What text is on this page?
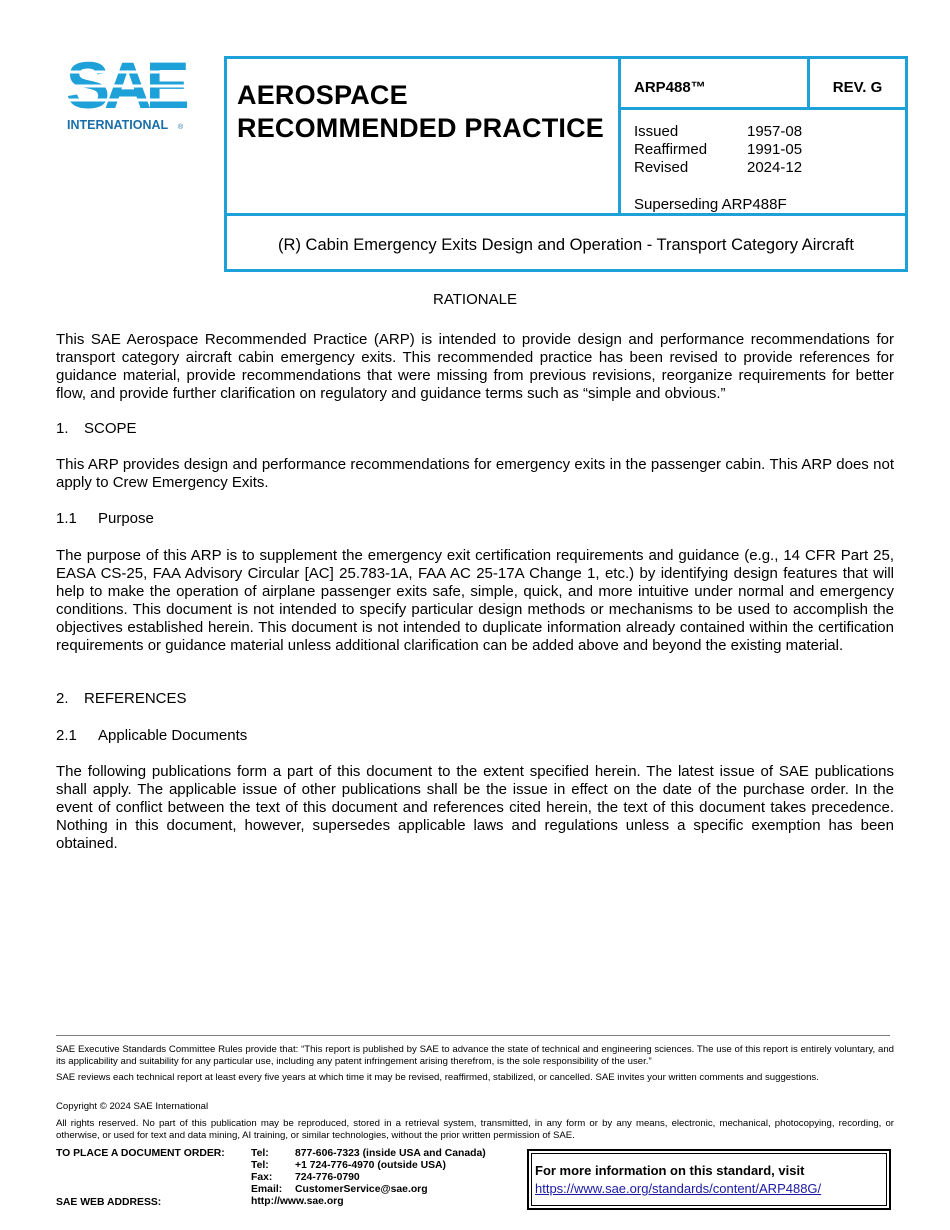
SAE
INTERNATIONAL ®
AEROSPACE
RECOMMENDED PRACTICE
ARP488™	REV. G
Issued	1957-08
Reaffirmed	1991-05
Revised	2024-12
Superseding ARP488F
(R) Cabin Emergency Exits Design and Operation - Transport Category Aircraft
RATIONALE
This SAE Aerospace Recommended Practice (ARP) is intended to provide design and performance recommendations for transport category aircraft cabin emergency exits. This recommended practice has been revised to provide references for guidance material, provide recommendations that were missing from previous revisions, reorganize requirements for better flow, and provide further clarification on regulatory and guidance terms such as “simple and obvious.”
1. SCOPE
This ARP provides design and performance recommendations for emergency exits in the passenger cabin. This ARP does not apply to Crew Emergency Exits.
1.1 Purpose
The purpose of this ARP is to supplement the emergency exit certification requirements and guidance (e.g., 14 CFR Part 25, EASA CS-25, FAA Advisory Circular [AC] 25.783-1A, FAA AC 25-17A Change 1, etc.) by identifying design features that will help to make the operation of airplane passenger exits safe, simple, quick, and more intuitive under normal and emergency conditions. This document is not intended to specify particular design methods or mechanisms to be used to accomplish the objectives established herein. This document is not intended to duplicate information already contained within the certification requirements or guidance material unless additional clarification can be added above and beyond the existing material.
2. REFERENCES
2.1 Applicable Documents
The following publications form a part of this document to the extent specified herein. The latest issue of SAE publications shall apply. The applicable issue of other publications shall be the issue in effect on the date of the purchase order. In the event of conflict between the text of this document and references cited herein, the text of this document takes precedence. Nothing in this document, however, supersedes applicable laws and regulations unless a specific exemption has been obtained.
SAE Executive Standards Committee Rules provide that: “This report is published by SAE to advance the state of technical and engineering sciences. The use of this report is entirely voluntary, and its applicability and suitability for any particular use, including any patent infringement arising therefrom, is the sole responsibility of the user.”
SAE reviews each technical report at least every five years at which time it may be revised, reaffirmed, stabilized, or cancelled. SAE invites your written comments and suggestions.
Copyright © 2024 SAE International
All rights reserved. No part of this publication may be reproduced, stored in a retrieval system, transmitted, in any form or by any means, electronic, mechanical, photocopying, recording, or otherwise, or used for text and data mining, AI training, or similar technologies, without the prior written permission of SAE.
TO PLACE A DOCUMENT ORDER:
SAE WEB ADDRESS:
Tel:	877-606-7323 (inside USA and Canada)
Tel:	+1 724-776-4970 (outside USA)
Fax:	724-776-0790
Email:	CustomerService@sae.org
http://www.sae.org
For more information on this standard, visit
https://www.sae.org/standards/content/ARP488G/
